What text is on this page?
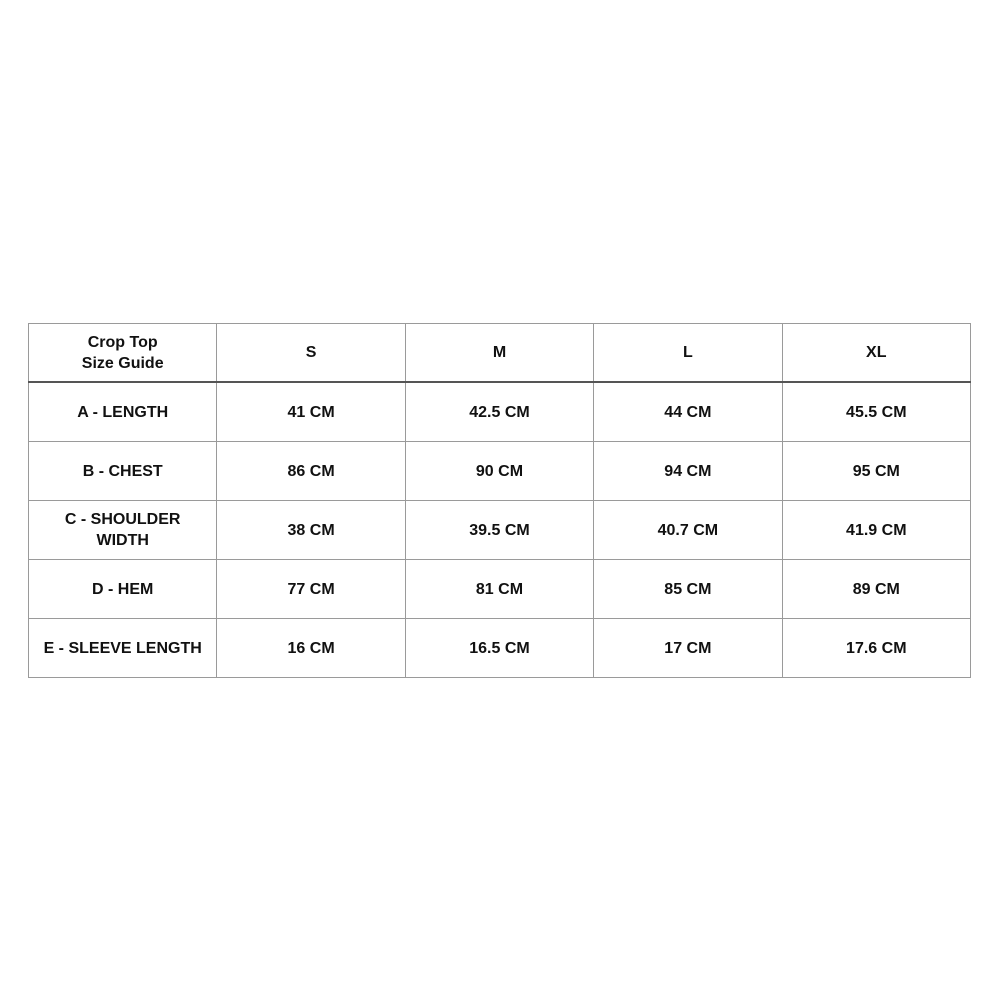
Crop Top
Size Guide	S	M	L	XL
A - LENGTH	41 CM	42.5 CM	44 CM	45.5 CM
B - CHEST	86 CM	90 CM	94 CM	95 CM

C - SHOULDER
WIDTH	38 CM	39.5 CM	40.7 CM	41.9 CM
D - HEM	77 CM	81 CM	85 CM	89 CM
E - SLEEVE LENGTH	16 CM	16.5 CM	17 CM	17.6 CM
